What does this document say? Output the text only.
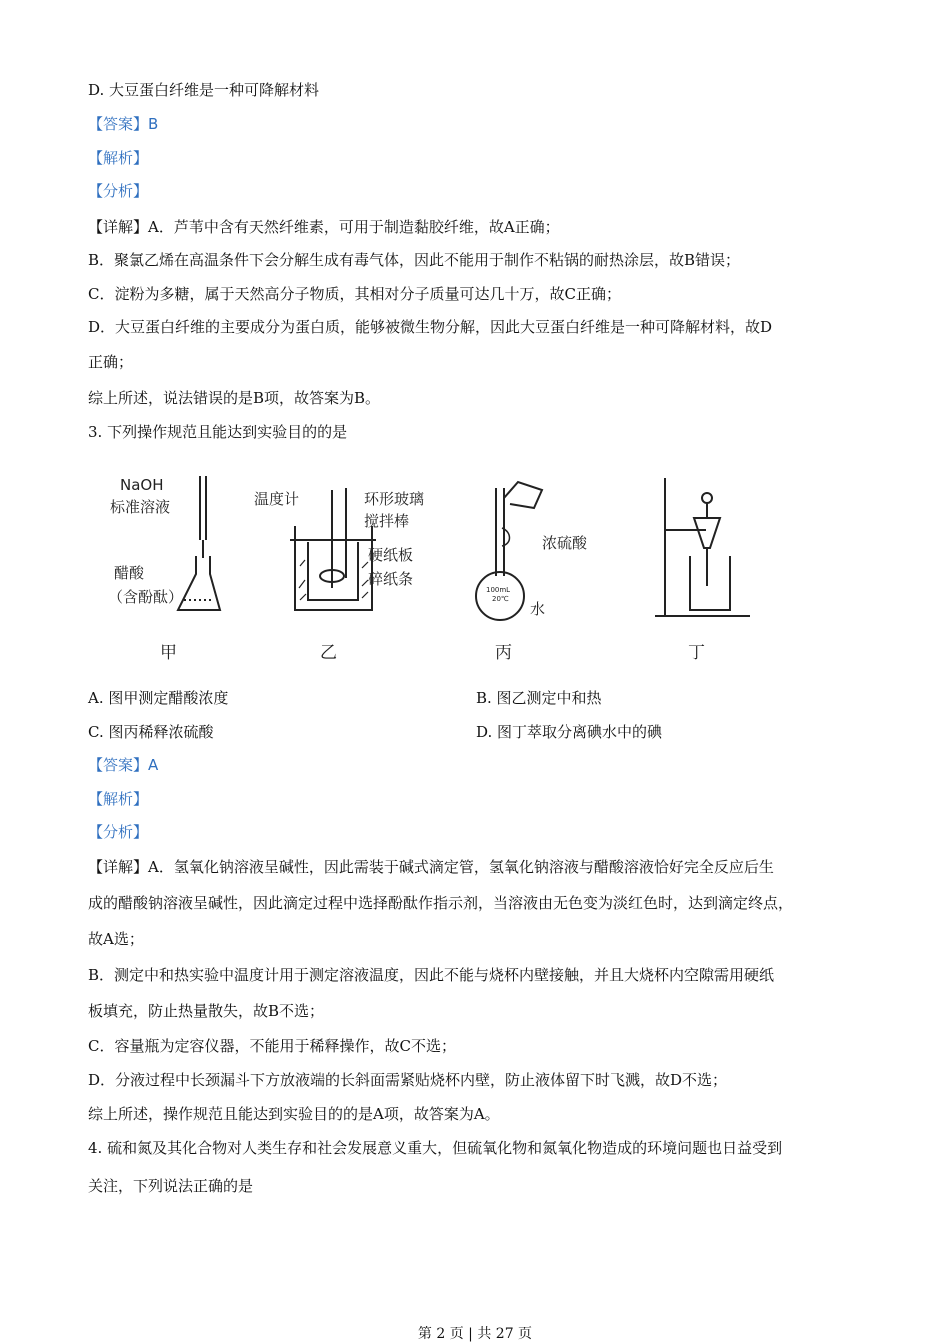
D. 大豆蛋白纤维是一种可降解材料
【答案】B
【解析】
【分析】
【详解】A．芦苇中含有天然纤维素，可用于制造黏胶纤维，故A正确；
B．聚氯乙烯在高温条件下会分解生成有毒气体，因此不能用于制作不粘锅的耐热涂层，故B错误；
C．淀粉为多糖，属于天然高分子物质，其相对分子质量可达几十万，故C正确；
D．大豆蛋白纤维的主要成分为蛋白质，能够被微生物分解，因此大豆蛋白纤维是一种可降解材料，故D
正确；
综上所述，说法错误的是B项，故答案为B。
3. 下列操作规范且能达到实验目的的是
NaOH
标准溶液
醋酸
（含酚酞）
温度计	环形玻璃
搅拌棒
硬纸板
碎纸条
浓硫酸
水
100mL
20℃
甲	乙	丙	丁
A. 图甲测定醋酸浓度	B. 图乙测定中和热
C. 图丙稀释浓硫酸	D. 图丁萃取分离碘水中的碘
【答案】A
【解析】
【分析】
【详解】A．氢氧化钠溶液呈碱性，因此需装于碱式滴定管，氢氧化钠溶液与醋酸溶液恰好完全反应后生
成的醋酸钠溶液呈碱性，因此滴定过程中选择酚酞作指示剂，当溶液由无色变为淡红色时，达到滴定终点，
故A选；
B．测定中和热实验中温度计用于测定溶液温度，因此不能与烧杯内壁接触，并且大烧杯内空隙需用硬纸
板填充，防止热量散失，故B不选；
C．容量瓶为定容仪器，不能用于稀释操作，故C不选；
D．分液过程中长颈漏斗下方放液端的长斜面需紧贴烧杯内壁，防止液体留下时飞溅，故D不选；
综上所述，操作规范且能达到实验目的的是A项，故答案为A。
4. 硫和氮及其化合物对人类生存和社会发展意义重大，但硫氧化物和氮氧化物造成的环境问题也日益受到
关注，下列说法正确的是
第 2 页 | 共 27 页
